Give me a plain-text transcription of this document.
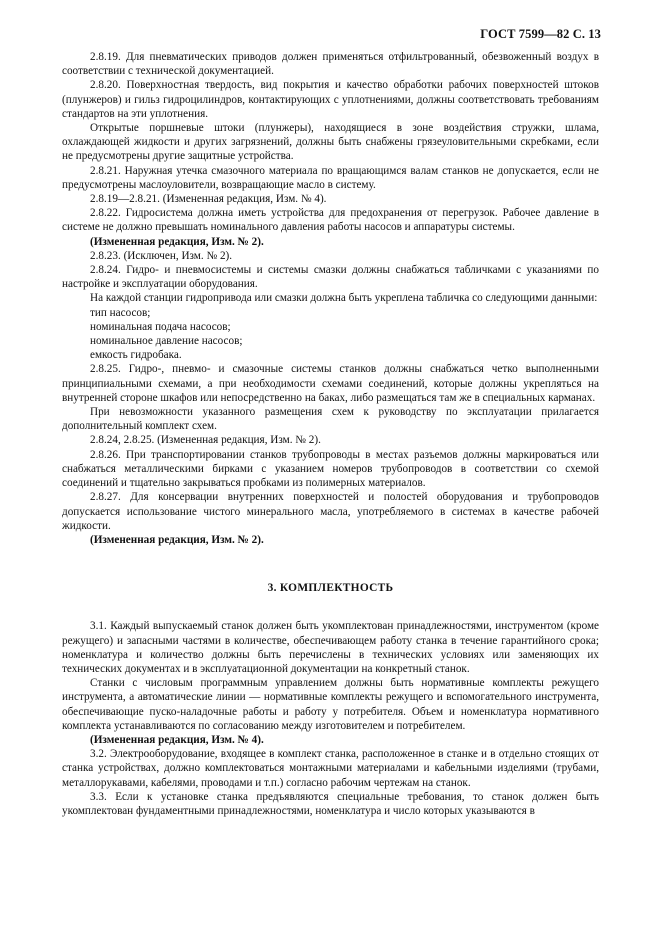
ГОСТ 7599—82 С. 13

2.8.19. Для пневматических приводов должен применяться отфильтрованный, обезвоженный воздух в соответствии с технической документацией.

2.8.20. Поверхностная твердость, вид покрытия и качество обработки рабочих поверхностей штоков (плунжеров) и гильз гидроцилиндров, контактирующих с уплотнениями, должны соответствовать требованиям стандартов на эти уплотнения.

Открытые поршневые штоки (плунжеры), находящиеся в зоне воздействия стружки, шлама, охлаждающей жидкости и других загрязнений, должны быть снабжены грязеуловительными скребками, если не предусмотрены другие защитные устройства.

2.8.21. Наружная утечка смазочного материала по вращающимся валам станков не допускается, если не предусмотрены маслоуловители, возвращающие масло в систему.

2.8.19—2.8.21. (Измененная редакция, Изм. № 4).

2.8.22. Гидросистема должна иметь устройства для предохранения от перегрузок. Рабочее давление в системе не должно превышать номинального давления работы насосов и аппаратуры системы.

(Измененная редакция, Изм. № 2).

2.8.23. (Исключен, Изм. № 2).

2.8.24. Гидро- и пневмосистемы и системы смазки должны снабжаться табличками с указаниями по настройке и эксплуатации оборудования.

На каждой станции гидропривода или смазки должна быть укреплена табличка со следующими данными:

тип насосов;

номинальная подача насосов;

номинальное давление насосов;

емкость гидробака.

2.8.25. Гидро-, пневмо- и смазочные системы станков должны снабжаться четко выполненными принципиальными схемами, а при необходимости схемами соединений, которые должны укрепляться на внутренней стороне шкафов или непосредственно на баках, либо размещаться там же в специальных карманах.

При невозможности указанного размещения схем к руководству по эксплуатации прилагается дополнительный комплект схем.

2.8.24, 2.8.25. (Измененная редакция, Изм. № 2).

2.8.26. При транспортировании станков трубопроводы в местах разъемов должны маркироваться или снабжаться металлическими бирками с указанием номеров трубопроводов в соответствии со схемой соединений и тщательно закрываться пробками из полимерных материалов.

2.8.27. Для консервации внутренних поверхностей и полостей оборудования и трубопроводов допускается использование чистого минерального масла, употребляемого в системах в качестве рабочей жидкости.

(Измененная редакция, Изм. № 2).

3. КОМПЛЕКТНОСТЬ

3.1. Каждый выпускаемый станок должен быть укомплектован принадлежностями, инструментом (кроме режущего) и запасными частями в количестве, обеспечивающем работу станка в течение гарантийного срока; номенклатура и количество должны быть перечислены в технических условиях или заменяющих их технических документах и в эксплуатационной документации на конкретный станок.

Станки с числовым программным управлением должны быть нормативные комплекты режущего инструмента, а автоматические линии — нормативные комплекты режущего и вспомогательного инструмента, обеспечивающие пуско-наладочные работы и работу у потребителя. Объем и номенклатура нормативного комплекта устанавливаются по согласованию между изготовителем и потребителем.

(Измененная редакция, Изм. № 4).

3.2. Электрооборудование, входящее в комплект станка, расположенное в станке и в отдельно стоящих от станка устройствах, должно комплектоваться монтажными материалами и кабельными изделиями (трубами, металлорукавами, кабелями, проводами и т.п.) согласно рабочим чертежам на станок.

3.3. Если к установке станка предъявляются специальные требования, то станок должен быть укомплектован фундаментными принадлежностями, номенклатура и число которых указываются в
